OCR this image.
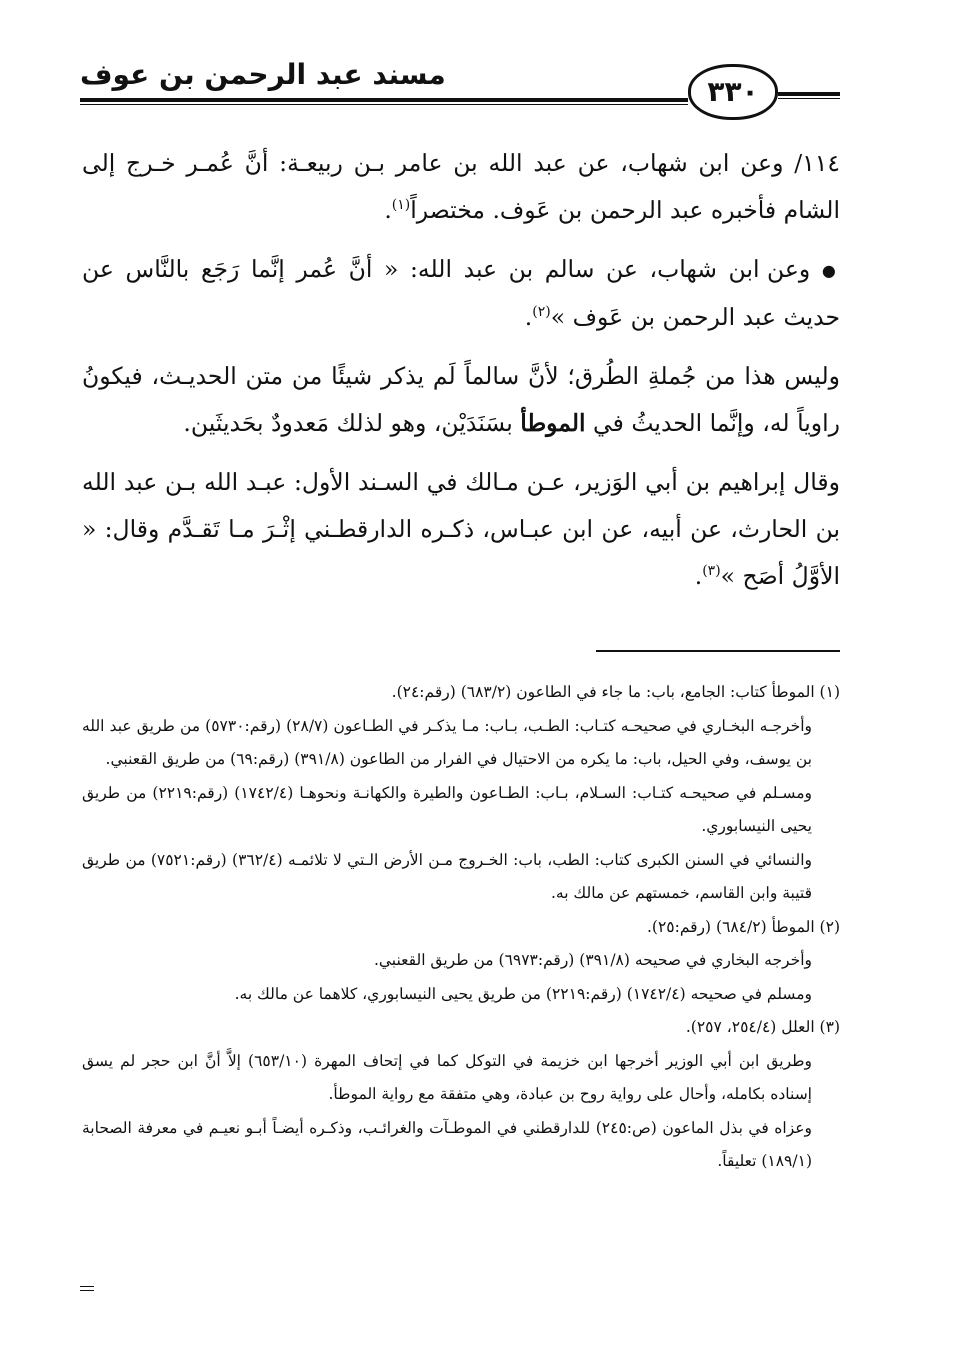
مسند عبد الرحمن بن عوف
٣٣٠

١١٤/ وعن ابن شهاب، عن عبد الله بن عامر بـن ربيعـة: أنَّ عُمـر خـرج إلى الشام فأخبره عبد الرحمن بن عَوف. مختصراً$^{(١)}$.

● وعن ابن شهاب، عن سالم بن عبد الله: « أنَّ عُمر إنَّما رَجَع بالنَّاس عن حديث عبد الرحمن بن عَوف »$^{(٢)}$.

وليس هذا من جُملةِ الطُرق؛ لأنَّ سالماً لَم يذكر شيئًا من متن الحديـث، فيكونُ راوياً له، وإنَّما الحديثُ في الموطأ بسَنَدَيْن، وهو لذلك مَعدودٌ بحَديثَين.

وقال إبراهيم بن أبي الوَزير، عـن مـالك في السـند الأول: عبـد الله بـن عبد الله بن الحارث، عن أبيه، عن ابن عبـاس، ذكـره الدارقطـني إثْـرَ مـا تَقـدَّم وقال: « الأوَّلُ أصَح »$^{(٣)}$.

(١) الموطأ كتاب: الجامع، باب: ما جاء في الطاعون (٦٨٣/٢) (رقم:٢٤).

وأخرجـه البخـاري في صحيحـه كتـاب: الطـب، بـاب: مـا يذكـر في الطـاعون (٢٨/٧) (رقم:٥٧٣٠) من طريق عبد الله بن يوسف، وفي الحيل، باب: ما يكره من الاحتيال في الفرار من الطاعون (٣٩١/٨) (رقم:٦٩) من طريق القعنبي.

ومسـلم في صحيحـه كتـاب: السـلام، بـاب: الطـاعون والطيرة والكهانـة ونحوهـا (١٧٤٢/٤) (رقم:٢٢١٩) من طريق يحيى النيسابوري.

والنسائي في السنن الكبرى كتاب: الطب، باب: الخـروج مـن الأرض الـتي لا تلائمـه (٣٦٢/٤) (رقم:٧٥٢١) من طريق قتيبة وابن القاسم، خمستهم عن مالك به.

(٢) الموطأ (٦٨٤/٢) (رقم:٢٥).

وأخرجه البخاري في صحيحه (٣٩١/٨) (رقم:٦٩٧٣) من طريق القعنبي.

ومسلم في صحيحه (١٧٤٢/٤) (رقم:٢٢١٩) من طريق يحيى النيسابوري، كلاهما عن مالك به.

(٣) العلل (٢٥٤/٤، ٢٥٧).

وطريق ابن أبي الوزير أخرجها ابن خزيمة في التوكل كما في إتحاف المهرة (٦٥٣/١٠) إلاَّ أنَّ ابن حجر لم يسق إسناده بكامله، وأحال على رواية روح بن عبادة، وهي متفقة مع رواية الموطأ.

وعزاه في بذل الماعون (ص:٢٤٥) للدارقطني في الموطـآت والغرائـب، وذكـره أيضـاً أبـو نعيـم في معرفة الصحابة (١٨٩/١) تعليقاً.
